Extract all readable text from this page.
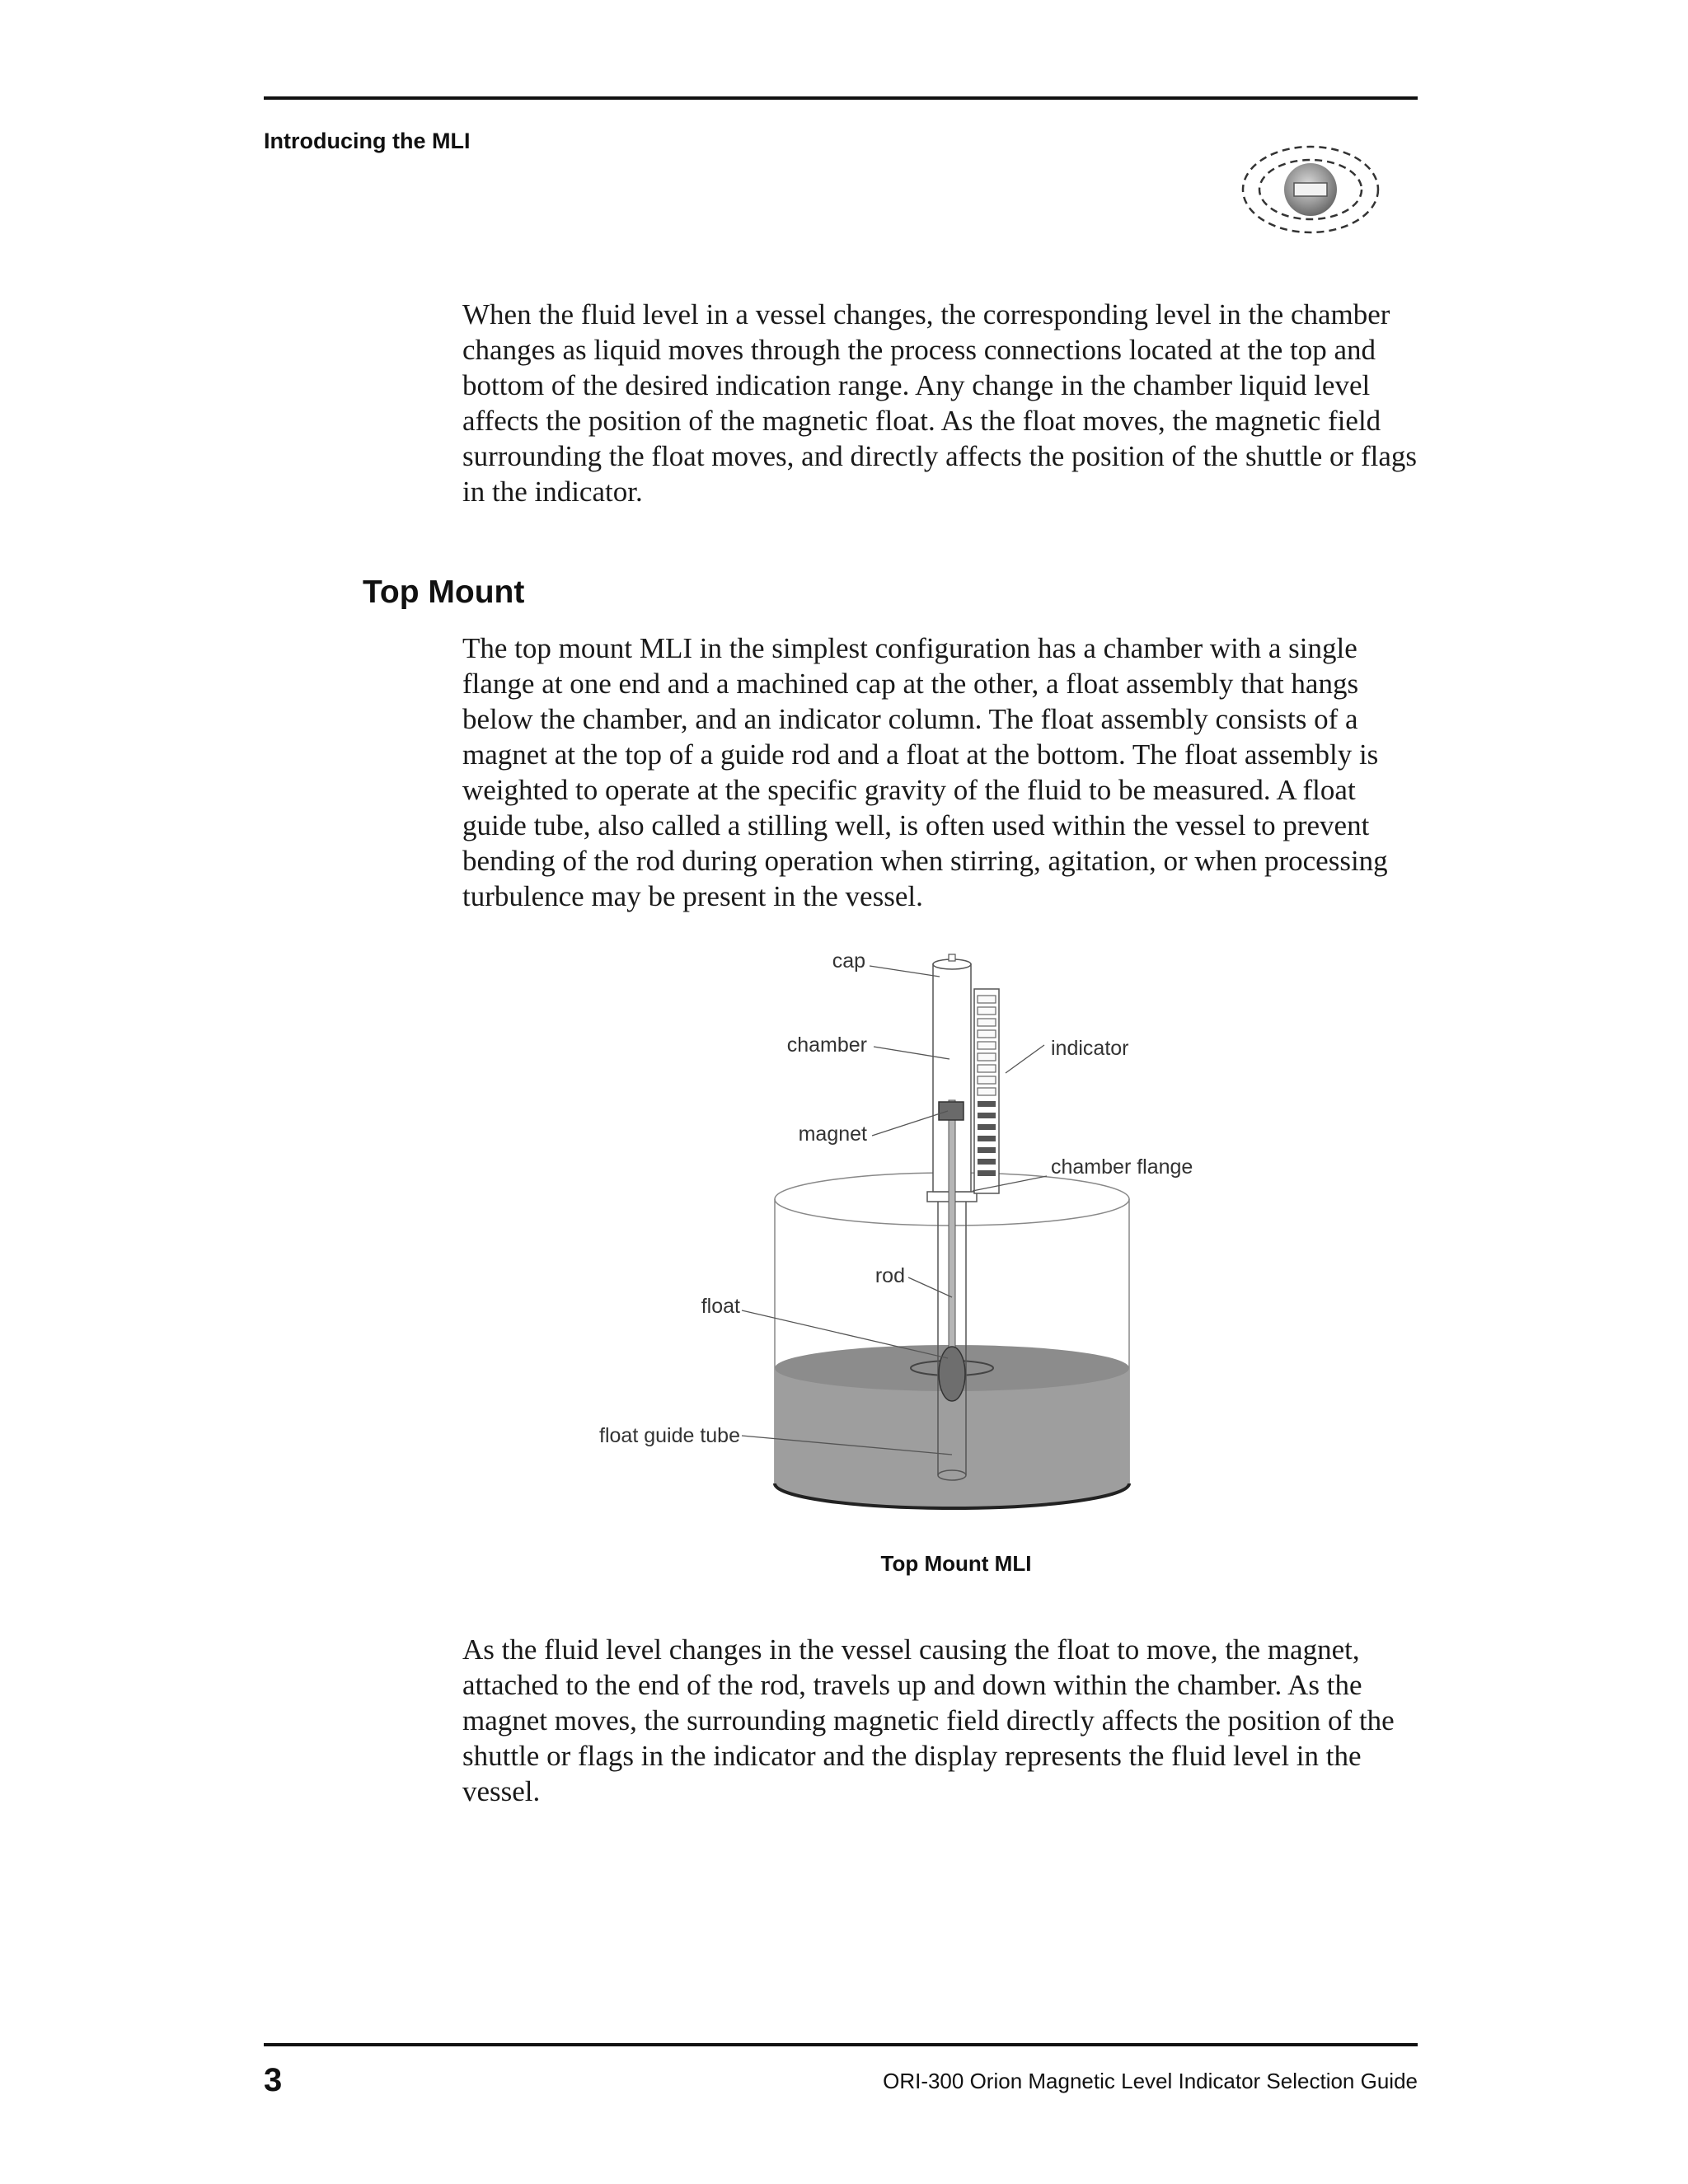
Introducing the MLI

When the fluid level in a vessel changes, the corresponding level in the chamber changes as liquid moves through the process connections located at the top and bottom of the desired indication range. Any change in the chamber liquid level affects the position of the magnetic float. As the float moves, the magnetic field surrounding the float moves, and directly affects the position of the shuttle or flags in the indicator.

Top Mount

The top mount MLI in the simplest configuration has a chamber with a single flange at one end and a machined cap at the other, a float assembly that hangs below the chamber, and an indicator column. The float assembly consists of a magnet at the top of a guide rod and a float at the bottom. The float assembly is weighted to operate at the specific gravity of the fluid to be measured. A float guide tube, also called a stilling well, is often used within the vessel to prevent bending of the rod during operation when stirring, agitation, or when processing turbulence may be present in the vessel.

cap
chamber
magnet
indicator
chamber flange
rod
float
float guide tube
Top Mount MLI

As the fluid level changes in the vessel causing the float to move, the magnet, attached to the end of the rod, travels up and down within the chamber. As the magnet moves, the surrounding magnetic field directly affects the position of the shuttle or flags in the indicator and the display represents the fluid level in the vessel.

3	ORI-300 Orion Magnetic Level Indicator Selection Guide
